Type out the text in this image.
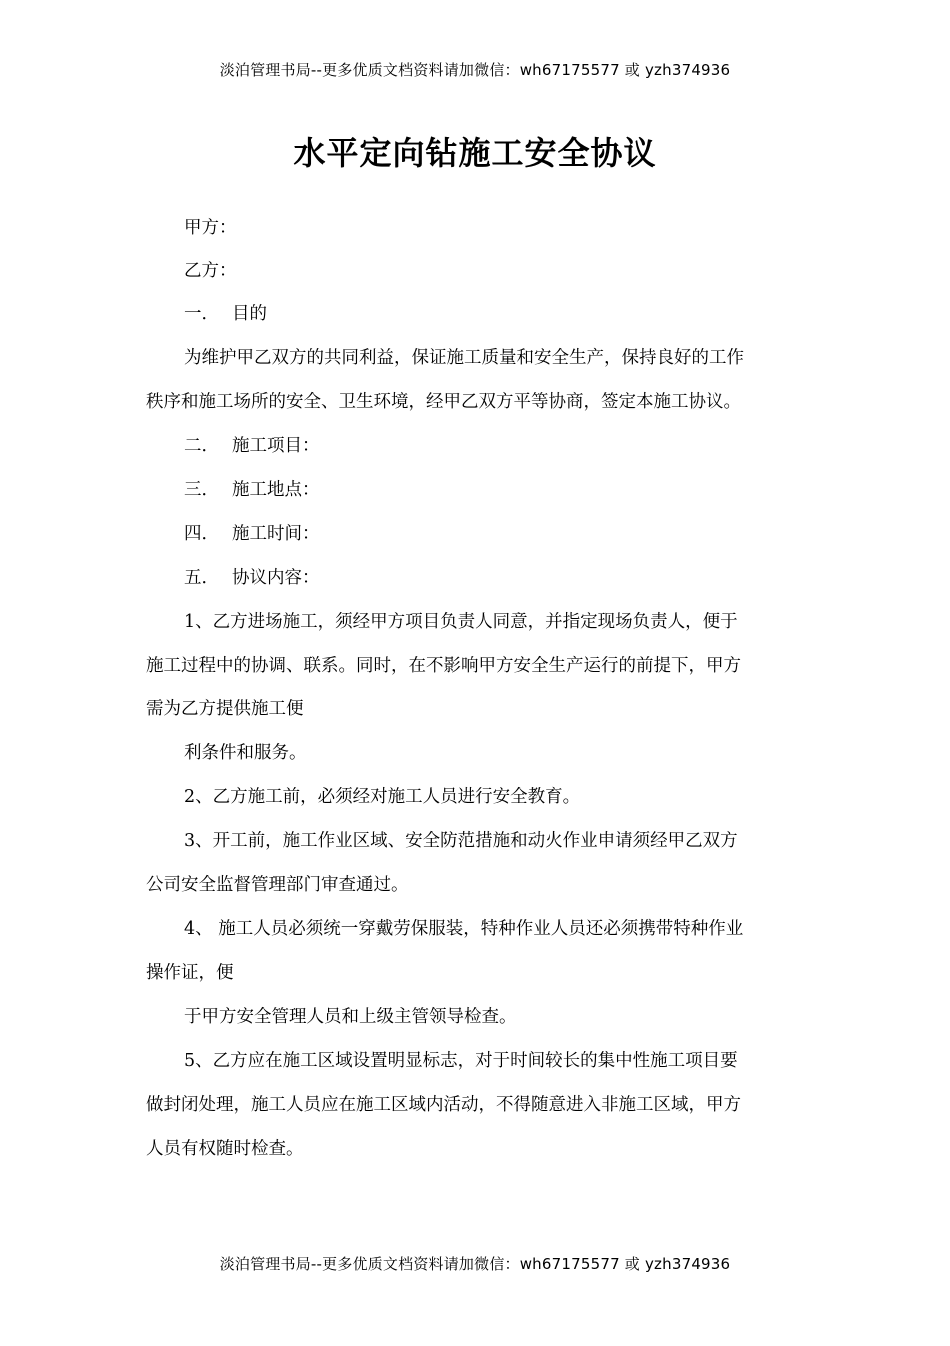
淡泊管理书局--更多优质文档资料请加微信：wh67175577 或 yzh374936
水平定向钻施工安全协议

甲方：

乙方：

一． 目的

为维护甲乙双方的共同利益，保证施工质量和安全生产，保持良好的工作

秩序和施工场所的安全、卫生环境，经甲乙双方平等协商，签定本施工协议。

二． 施工项目：

三． 施工地点：

四． 施工时间：

五． 协议内容：

1、乙方进场施工，须经甲方项目负责人同意，并指定现场负责人，便于

施工过程中的协调、联系。同时，在不影响甲方安全生产运行的前提下，甲方

需为乙方提供施工便

利条件和服务。

2、乙方施工前，必须经对施工人员进行安全教育。

3、开工前，施工作业区域、安全防范措施和动火作业申请须经甲乙双方

公司安全监督管理部门审查通过。

4、 施工人员必须统一穿戴劳保服装，特种作业人员还必须携带特种作业

操作证，便

于甲方安全管理人员和上级主管领导检查。

5、乙方应在施工区域设置明显标志，对于时间较长的集中性施工项目要

做封闭处理，施工人员应在施工区域内活动，不得随意进入非施工区域，甲方

人员有权随时检查。

淡泊管理书局--更多优质文档资料请加微信：wh67175577 或 yzh374936
